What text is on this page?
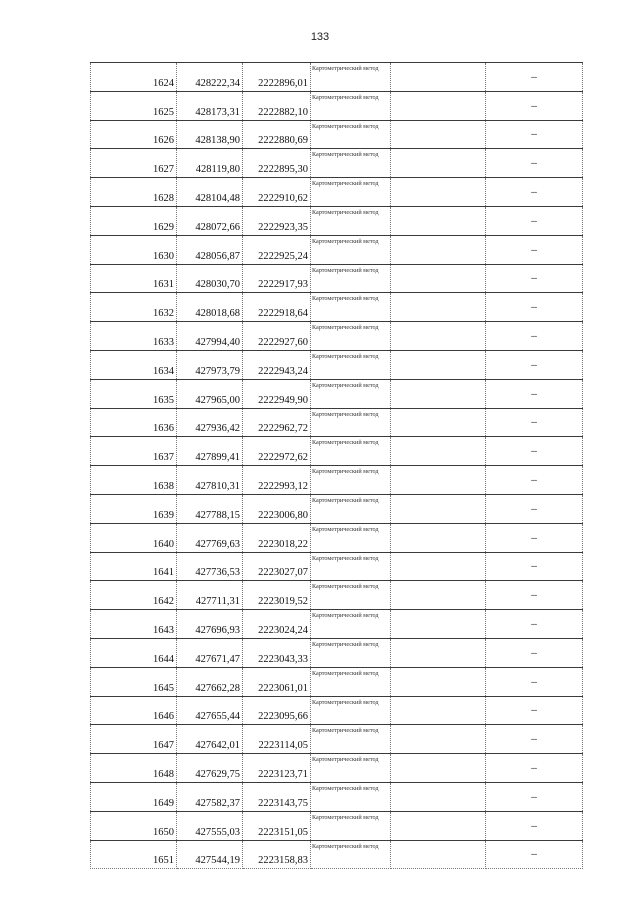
133
1624	428222,34	2222896,01	Картометрический метод		–
1625	428173,31	2222882,10	Картометрический метод		–
1626	428138,90	2222880,69	Картометрический метод		–
1627	428119,80	2222895,30	Картометрический метод		–
1628	428104,48	2222910,62	Картометрический метод		–
1629	428072,66	2222923,35	Картометрический метод		–
1630	428056,87	2222925,24	Картометрический метод		–
1631	428030,70	2222917,93	Картометрический метод		–
1632	428018,68	2222918,64	Картометрический метод		–
1633	427994,40	2222927,60	Картометрический метод		–
1634	427973,79	2222943,24	Картометрический метод		–
1635	427965,00	2222949,90	Картометрический метод		–
1636	427936,42	2222962,72	Картометрический метод		–
1637	427899,41	2222972,62	Картометрический метод		–
1638	427810,31	2222993,12	Картометрический метод		–
1639	427788,15	2223006,80	Картометрический метод		–
1640	427769,63	2223018,22	Картометрический метод		–
1641	427736,53	2223027,07	Картометрический метод		–
1642	427711,31	2223019,52	Картометрический метод		–
1643	427696,93	2223024,24	Картометрический метод		–
1644	427671,47	2223043,33	Картометрический метод		–
1645	427662,28	2223061,01	Картометрический метод		–
1646	427655,44	2223095,66	Картометрический метод		–
1647	427642,01	2223114,05	Картометрический метод		–
1648	427629,75	2223123,71	Картометрический метод		–
1649	427582,37	2223143,75	Картометрический метод		–
1650	427555,03	2223151,05	Картометрический метод		–
1651	427544,19	2223158,83	Картометрический метод		–
